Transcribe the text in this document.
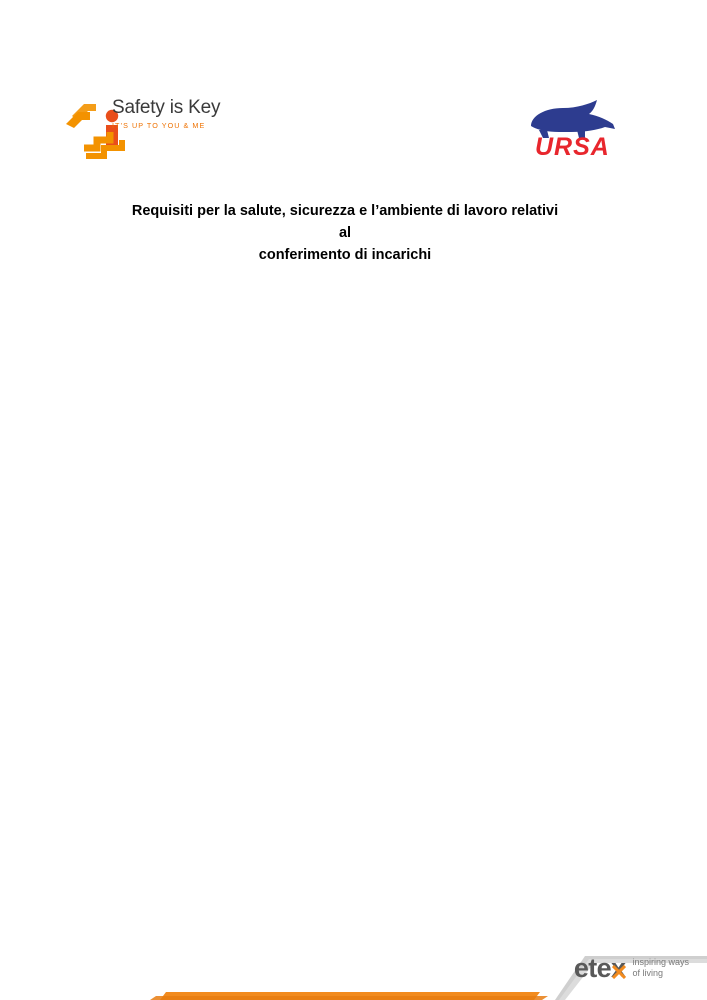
Safety is Key
IT’S UP TO YOU & ME
URSA
Requisiti per la salute, sicurezza e l’ambiente di lavoro relativi
al
conferimento di incarichi
etex inspiring ways
of living
